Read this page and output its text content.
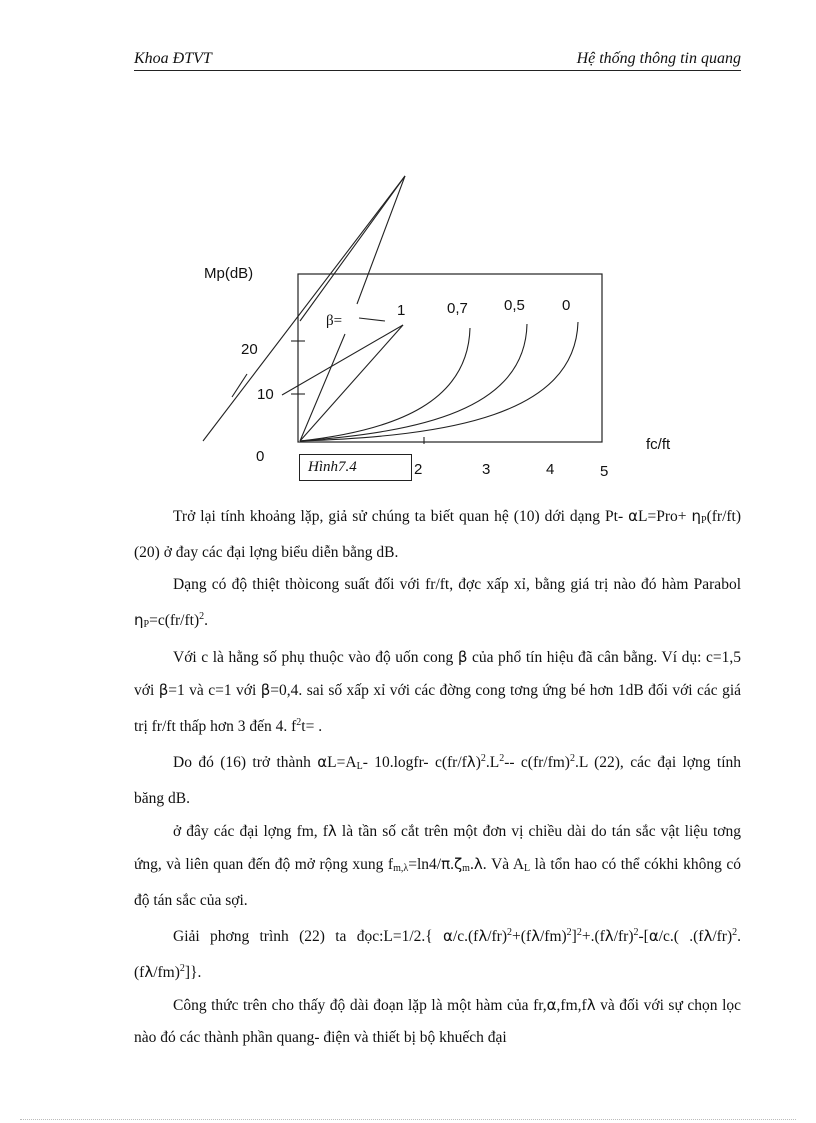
Khoa ĐTVT	Hệ thống thông tin quang
Mp(dB)
fc/ft
β=
1	0,7 0,5 0
20
10
0
2	3	4	5
Hình7.4

Trở lại tính khoảng lặp, giả sử chúng ta biết quan hệ (10) dới dạng Pt- $\alpha L=Pro+ \eta_P(fr/ft)$ (20) ở đay các đại lợng biểu diễn bằng dB.

Dạng có độ thiệt thòicong suất đối với fr/ft, đợc xấp xỉ, bằng giá trị nào đó hàm Parabol $\eta_P=c(fr/ft)^2$.

Với c là hằng số phụ thuộc vào độ uốn cong β của phổ tín hiệu đã cân bằng. Ví dụ: c=1,5 với β=1 và c=1 với β=0,4. sai số xấp xỉ với các đờng cong tơng ứng bé hơn 1dB đối với các giá trị fr/ft thấp hơn 3 đến 4. $f^2t=$ .

Do đó (16) trở thành $\alpha L=A_L-$ 10.logfr- $c(fr/f\lambda)^2.L^2--$ $c(fr/fm)^2.L$ (22), các đại lợng tính băng dB.

ở đây các đại lợng fm, fλ là tần số cắt trên một đơn vị chiều dài do tán sắc vật liệu tơng ứng, và liên quan đến độ mở rộng xung $f_{m,\lambda}=\ln 4/\pi.\zeta_m.\lambda$. Và $A_L$ là tổn hao có thể cókhi không có độ tán sắc của sợi.

Giải phơng trình (22) ta đọc:L=1/2.{ $\alpha/c.(f\lambda/fr)^2+(f\lambda/fm)^2]^2+.(f\lambda/fr)^2-[\alpha/c$.( $.(f\lambda/fr)^2.(f\lambda/fm)^2$]}.

Công thức trên cho thấy độ dài đoạn lặp là một hàm của fr,α,fm,fλ và đối với sự chọn lọc nào đó các thành phần quang- điện và thiết bị bộ khuếch đại
